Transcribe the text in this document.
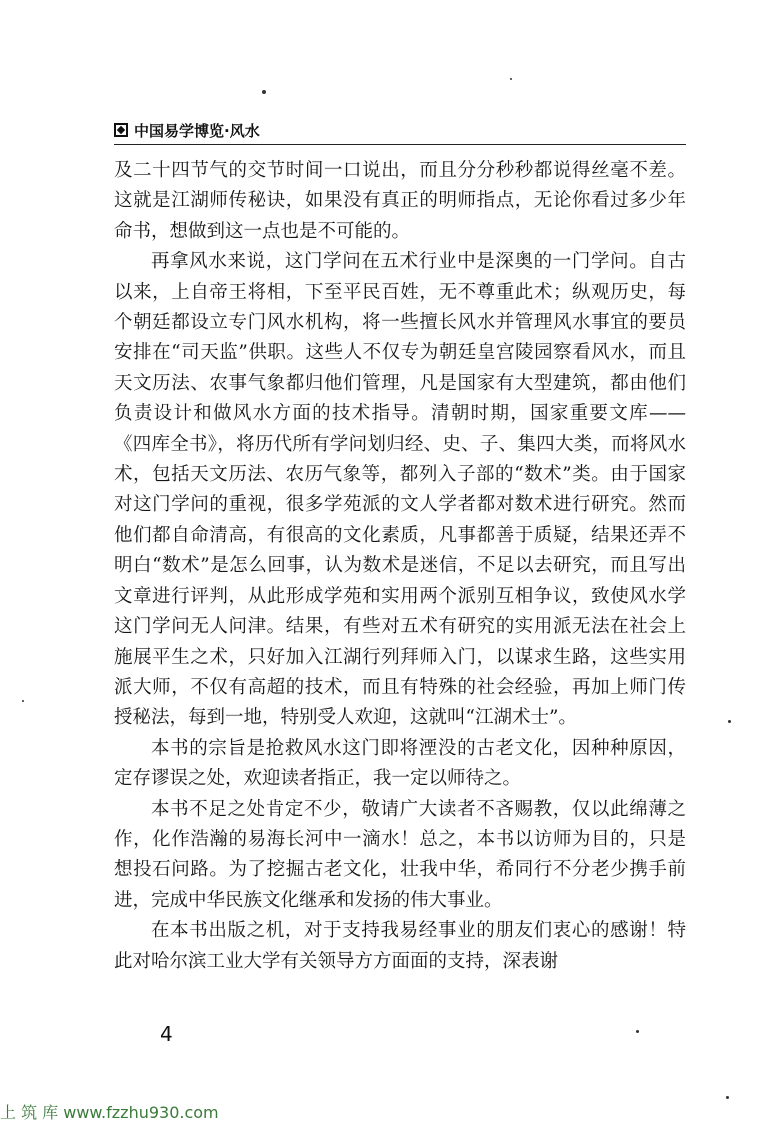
中国易学博览·风水

及二十四节气的交节时间一口说出，而且分分秒秒都说得丝毫不差。这就是江湖师传秘诀，如果没有真正的明师指点，无论你看过多少年命书，想做到这一点也是不可能的。

再拿风水来说，这门学问在五术行业中是深奥的一门学问。自古以来，上自帝王将相，下至平民百姓，无不尊重此术；纵观历史，每个朝廷都设立专门风水机构，将一些擅长风水并管理风水事宜的要员安排在“司天监”供职。这些人不仅专为朝廷皇宫陵园察看风水，而且天文历法、农事气象都归他们管理，凡是国家有大型建筑，都由他们负责设计和做风水方面的技术指导。清朝时期，国家重要文库——《四库全书》，将历代所有学问划归经、史、子、集四大类，而将风水术，包括天文历法、农历气象等，都列入子部的“数术”类。由于国家对这门学问的重视，很多学苑派的文人学者都对数术进行研究。然而他们都自命清高，有很高的文化素质，凡事都善于质疑，结果还弄不明白“数术”是怎么回事，认为数术是迷信，不足以去研究，而且写出文章进行评判，从此形成学苑和实用两个派别互相争议，致使风水学这门学问无人问津。结果，有些对五术有研究的实用派无法在社会上施展平生之术，只好加入江湖行列拜师入门，以谋求生路，这些实用派大师，不仅有高超的技术，而且有特殊的社会经验，再加上师门传授秘法，每到一地，特别受人欢迎，这就叫“江湖术士”。

本书的宗旨是抢救风水这门即将湮没的古老文化，因种种原因，定存谬误之处，欢迎读者指正，我一定以师待之。

本书不足之处肯定不少，敬请广大读者不吝赐教，仅以此绵薄之作，化作浩瀚的易海长河中一滴水！总之，本书以访师为目的，只是想投石问路。为了挖掘古老文化，壮我中华，希同行不分老少携手前进，完成中华民族文化继承和发扬的伟大事业。

在本书出版之机，对于支持我易经事业的朋友们衷心的感谢！特此对哈尔滨工业大学有关领导方方面面的支持，深表谢

4
上 筑 库 www.fzzhu930.com
